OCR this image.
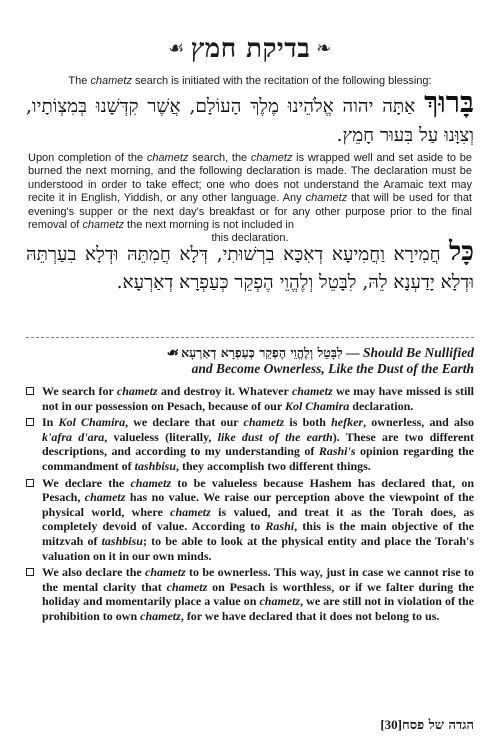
❧בדיקת חמץ☙
The chametz search is initiated with the recitation of the following blessing:
בָּרוּךְ אַתָּה יהוה אֱלֹהֵינוּ מֶלֶךְ הָעוֹלָם, אֲשֶׁר קִדְּשָׁנוּ בְּמִצְוֹתָיו, וְצִוָּנוּ עַל בִּעוּר חָמֵץ.
Upon completion of the chametz search, the chametz is wrapped well and set aside to be burned the next morning, and the following declaration is made. The declaration must be understood in order to take effect; one who does not understand the Aramaic text may recite it in English, Yiddish, or any other language. Any chametz that will be used for that evening's supper or the next day's breakfast or for any other purpose prior to the final removal of chametz the next morning is not included in
this declaration.	כָּל חֲמִירָא וַחֲמִיעָא דְאִכָּא בִרְשׁוּתִי, דְּלָא חֲמִתֵּהּ וּדְלָא בִעַרְתֵּהּ וּדְלָא יָדַעְנָא לֵהּ, לִבָּטֵל וְלֶהֱוֵי הֶפְקֵר כְּעַפְרָא דְאַרְעָא.
☙ לִבָּטֵל וְלֶהֱוֵי הֶפְקֵר כְּעַפְרָא דְאַרְעָא — Should Be Nullified
and Become Ownerless, Like the Dust of the Earth
We search for chametz and destroy it. Whatever chametz we may have missed is still not in our possession on Pesach, because of our Kol Chamira declaration.
In Kol Chamira, we declare that our chametz is both hefker, ownerless, and also k'afra d'ara, valueless (literally, like dust of the earth). These are two different descriptions, and according to my understanding of Rashi's opinion regarding the commandment of tashbisu, they accomplish two different things.
We declare the chametz to be valueless because Hashem has declared that, on Pesach, chametz has no value. We raise our perception above the viewpoint of the physical world, where chametz is valued, and treat it as the Torah does, as completely devoid of value. According to Rashi, this is the main objective of the mitzvah of tashbisu; to be able to look at the physical entity and place the Torah's valuation on it in our own minds.
We also declare the chametz to be ownerless. This way, just in case we cannot rise to the mental clarity that chametz on Pesach is worthless, or if we falter during the holiday and momentarily place a value on chametz, we are still not in violation of the prohibition to own chametz, for we have declared that it does not belong to us.
הגדה של פסח[30]
